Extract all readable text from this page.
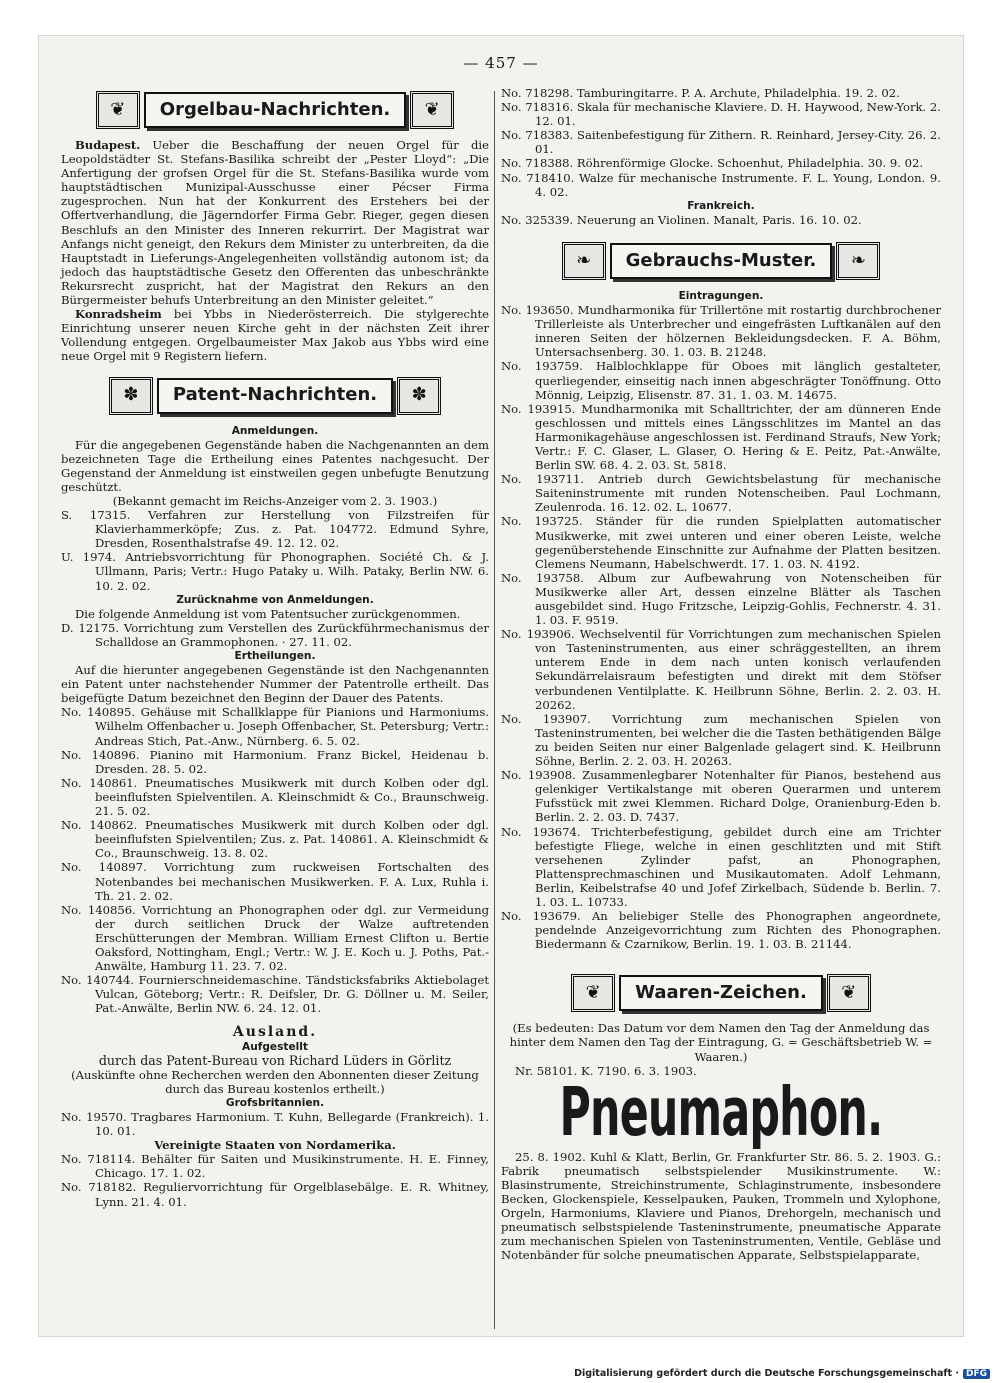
— 457 —
❦	Orgelbau-Nachrichten.	❦

Budapest. Ueber die Beschaffung der neuen Orgel für die Leopoldstädter St. Stefans-Basilika schreibt der „Pester Lloyd“: „Die Anfertigung der grofsen Orgel für die St. Stefans-Basilika wurde vom hauptstädtischen Munizipal-Ausschusse einer Pécser Firma zugesprochen. Nun hat der Konkurrent des Erstehers bei der Offertverhandlung, die Jägerndorfer Firma Gebr. Rieger, gegen diesen Beschlufs an den Minister des Inneren rekurrirt. Der Magistrat war Anfangs nicht geneigt, den Rekurs dem Minister zu unterbreiten, da die Hauptstadt in Lieferungs-Angelegenheiten vollständig autonom ist; da jedoch das hauptstädtische Gesetz den Offerenten das unbeschränkte Rekursrecht zuspricht, hat der Magistrat den Rekurs an den Bürgermeister behufs Unterbreitung an den Minister geleitet.“

Konradsheim bei Ybbs in Niederösterreich. Die stylgerechte Einrichtung unserer neuen Kirche geht in der nächsten Zeit ihrer Vollendung entgegen. Orgelbaumeister Max Jakob aus Ybbs wird eine neue Orgel mit 9 Registern liefern.

✽	Patent-Nachrichten.	✽

Anmeldungen.

Für die angegebenen Gegenstände haben die Nachgenannten an dem bezeichneten Tage die Ertheilung eines Patentes nachgesucht. Der Gegenstand der Anmeldung ist einstweilen gegen unbefugte Benutzung geschützt.

(Bekannt gemacht im Reichs-Anzeiger vom 2. 3. 1903.)

S. 17315. Verfahren zur Herstellung von Filzstreifen für Klavierhammerköpfe; Zus. z. Pat. 104772. Edmund Syhre, Dresden, Rosenthalstrafse 49. 12. 12. 02.

U. 1974. Antriebsvorrichtung für Phonographen. Société Ch. & J. Ullmann, Paris; Vertr.: Hugo Pataky u. Wilh. Pataky, Berlin NW. 6. 10. 2. 02.

Zurücknahme von Anmeldungen.

Die folgende Anmeldung ist vom Patentsucher zurückgenommen.

D. 12175. Vorrichtung zum Verstellen des Zurückführmechanismus der Schalldose an Grammophonen. · 27. 11. 02.

Ertheilungen.

Auf die hierunter angegebenen Gegenstände ist den Nachgenannten ein Patent unter nachstehender Nummer der Patentrolle ertheilt. Das beigefügte Datum bezeichnet den Beginn der Dauer des Patents.

No. 140895. Gehäuse mit Schallklappe für Pianions und Harmoniums. Wilhelm Offenbacher u. Joseph Offenbacher, St. Petersburg; Vertr.: Andreas Stich, Pat.-Anw., Nürnberg. 6. 5. 02.

No. 140896. Pianino mit Harmonium. Franz Bickel, Heidenau b. Dresden. 28. 5. 02.

No. 140861. Pneumatisches Musikwerk mit durch Kolben oder dgl. beeinflufsten Spielventilen. A. Kleinschmidt & Co., Braunschweig. 21. 5. 02.

No. 140862. Pneumatisches Musikwerk mit durch Kolben oder dgl. beeinflufsten Spielventilen; Zus. z. Pat. 140861. A. Kleinschmidt & Co., Braunschweig. 13. 8. 02.

No. 140897. Vorrichtung zum ruckweisen Fortschalten des Notenbandes bei mechanischen Musikwerken. F. A. Lux, Ruhla i. Th. 21. 2. 02.

No. 140856. Vorrichtung an Phonographen oder dgl. zur Vermeidung der durch seitlichen Druck der Walze auftretenden Erschütterungen der Membran. William Ernest Clifton u. Bertie Oaksford, Nottingham, Engl.; Vertr.: W. J. E. Koch u. J. Poths, Pat.-Anwälte, Hamburg 11. 23. 7. 02.

No. 140744. Fournierschneidemaschine. Tändsticksfabriks Aktiebolaget Vulcan, Göteborg; Vertr.: R. Deifsler, Dr. G. Döllner u. M. Seiler, Pat.-Anwälte, Berlin NW. 6. 24. 12. 01.

Ausland.

Aufgestellt

durch das Patent-Bureau von Richard Lüders in Görlitz

(Auskünfte ohne Recherchen werden den Abonnenten dieser Zeitung durch das Bureau kostenlos ertheilt.)

Grofsbritannien.

No. 19570. Tragbares Harmonium. T. Kuhn, Bellegarde (Frankreich). 1. 10. 01.

Vereinigte Staaten von Nordamerika.

No. 718114. Behälter für Saiten und Musikinstrumente. H. E. Finney, Chicago. 17. 1. 02.

No. 718182. Reguliervorrichtung für Orgelblasebälge. E. R. Whitney, Lynn. 21. 4. 01.

No. 718298. Tamburingitarre. P. A. Archute, Philadelphia. 19. 2. 02.

No. 718316. Skala für mechanische Klaviere. D. H. Haywood, New-York. 2. 12. 01.

No. 718383. Saitenbefestigung für Zithern. R. Reinhard, Jersey-City. 26. 2. 01.

No. 718388. Röhrenförmige Glocke. Schoenhut, Philadelphia. 30. 9. 02.

No. 718410. Walze für mechanische Instrumente. F. L. Young, London. 9. 4. 02.

Frankreich.

No. 325339. Neuerung an Violinen. Manalt, Paris. 16. 10. 02.

❧	Gebrauchs-Muster.	❧

Eintragungen.

No. 193650. Mundharmonika für Trillertöne mit rostartig durchbrochener Trillerleiste als Unterbrecher und eingefrästen Luftkanälen auf den inneren Seiten der hölzernen Bekleidungsdecken. F. A. Böhm, Untersachsenberg. 30. 1. 03. B. 21248.

No. 193759. Halblochklappe für Oboes mit länglich gestalteter, querliegender, einseitig nach innen abgeschrägter Tonöffnung. Otto Mönnig, Leipzig, Elisenstr. 87. 31. 1. 03. M. 14675.

No. 193915. Mundharmonika mit Schalltrichter, der am dünneren Ende geschlossen und mittels eines Längsschlitzes im Mantel an das Harmonikagehäuse angeschlossen ist. Ferdinand Straufs, New York; Vertr.: F. C. Glaser, L. Glaser, O. Hering & E. Peitz, Pat.-Anwälte, Berlin SW. 68. 4. 2. 03. St. 5818.

No. 193711. Antrieb durch Gewichtsbelastung für mechanische Saiteninstrumente mit runden Notenscheiben. Paul Lochmann, Zeulenroda. 16. 12. 02. L. 10677.

No. 193725. Ständer für die runden Spielplatten automatischer Musikwerke, mit zwei unteren und einer oberen Leiste, welche gegenüberstehende Einschnitte zur Aufnahme der Platten besitzen. Clemens Neumann, Habelschwerdt. 17. 1. 03. N. 4192.

No. 193758. Album zur Aufbewahrung von Notenscheiben für Musikwerke aller Art, dessen einzelne Blätter als Taschen ausgebildet sind. Hugo Fritzsche, Leipzig-Gohlis, Fechnerstr. 4. 31. 1. 03. F. 9519.

No. 193906. Wechselventil für Vorrichtungen zum mechanischen Spielen von Tasteninstrumenten, aus einer schräggestellten, an ihrem unterem Ende in dem nach unten konisch verlaufenden Sekundärrelaisraum befestigten und direkt mit dem Stöfser verbundenen Ventilplatte. K. Heilbrunn Söhne, Berlin. 2. 2. 03. H. 20262.

No. 193907. Vorrichtung zum mechanischen Spielen von Tasteninstrumenten, bei welcher die die Tasten bethätigenden Bälge zu beiden Seiten nur einer Balgenlade gelagert sind. K. Heilbrunn Söhne, Berlin. 2. 2. 03. H. 20263.

No. 193908. Zusammenlegbarer Notenhalter für Pianos, bestehend aus gelenkiger Vertikalstange mit oberen Querarmen und unterem Fufsstück mit zwei Klemmen. Richard Dolge, Oranienburg-Eden b. Berlin. 2. 2. 03. D. 7437.

No. 193674. Trichterbefestigung, gebildet durch eine am Trichter befestigte Fliege, welche in einen geschlitzten und mit Stift versehenen Zylinder pafst, an Phonographen, Plattensprechmaschinen und Musikautomaten. Adolf Lehmann, Berlin, Keibelstrafse 40 und Jofef Zirkelbach, Südende b. Berlin. 7. 1. 03. L. 10733.

No. 193679. An beliebiger Stelle des Phonographen angeordnete, pendelnde Anzeigevorrichtung zum Richten des Phonographen. Biedermann & Czarnikow, Berlin. 19. 1. 03. B. 21144.

❦	Waaren-Zeichen.	❦

(Es bedeuten: Das Datum vor dem Namen den Tag der Anmeldung das hinter dem Namen den Tag der Eintragung, G. = Geschäftsbetrieb W. = Waaren.)

Nr. 58101. K. 7190. 6. 3. 1903.

Pneumaphon.

25. 8. 1902. Kuhl & Klatt, Berlin, Gr. Frankfurter Str. 86. 5. 2. 1903. G.: Fabrik pneumatisch selbstspielender Musikinstrumente. W.: Blasinstrumente, Streichinstrumente, Schlaginstrumente, insbesondere Becken, Glockenspiele, Kesselpauken, Pauken, Trommeln und Xylophone, Orgeln, Harmoniums, Klaviere und Pianos, Drehorgeln, mechanisch und pneumatisch selbstspielende Tasteninstrumente, pneumatische Apparate zum mechanischen Spielen von Tasteninstrumenten, Ventile, Gebläse und Notenbänder für solche pneumatischen Apparate, Selbstspielapparate,

Digitalisierung gefördert durch die Deutsche Forschungsgemeinschaft · DFG
